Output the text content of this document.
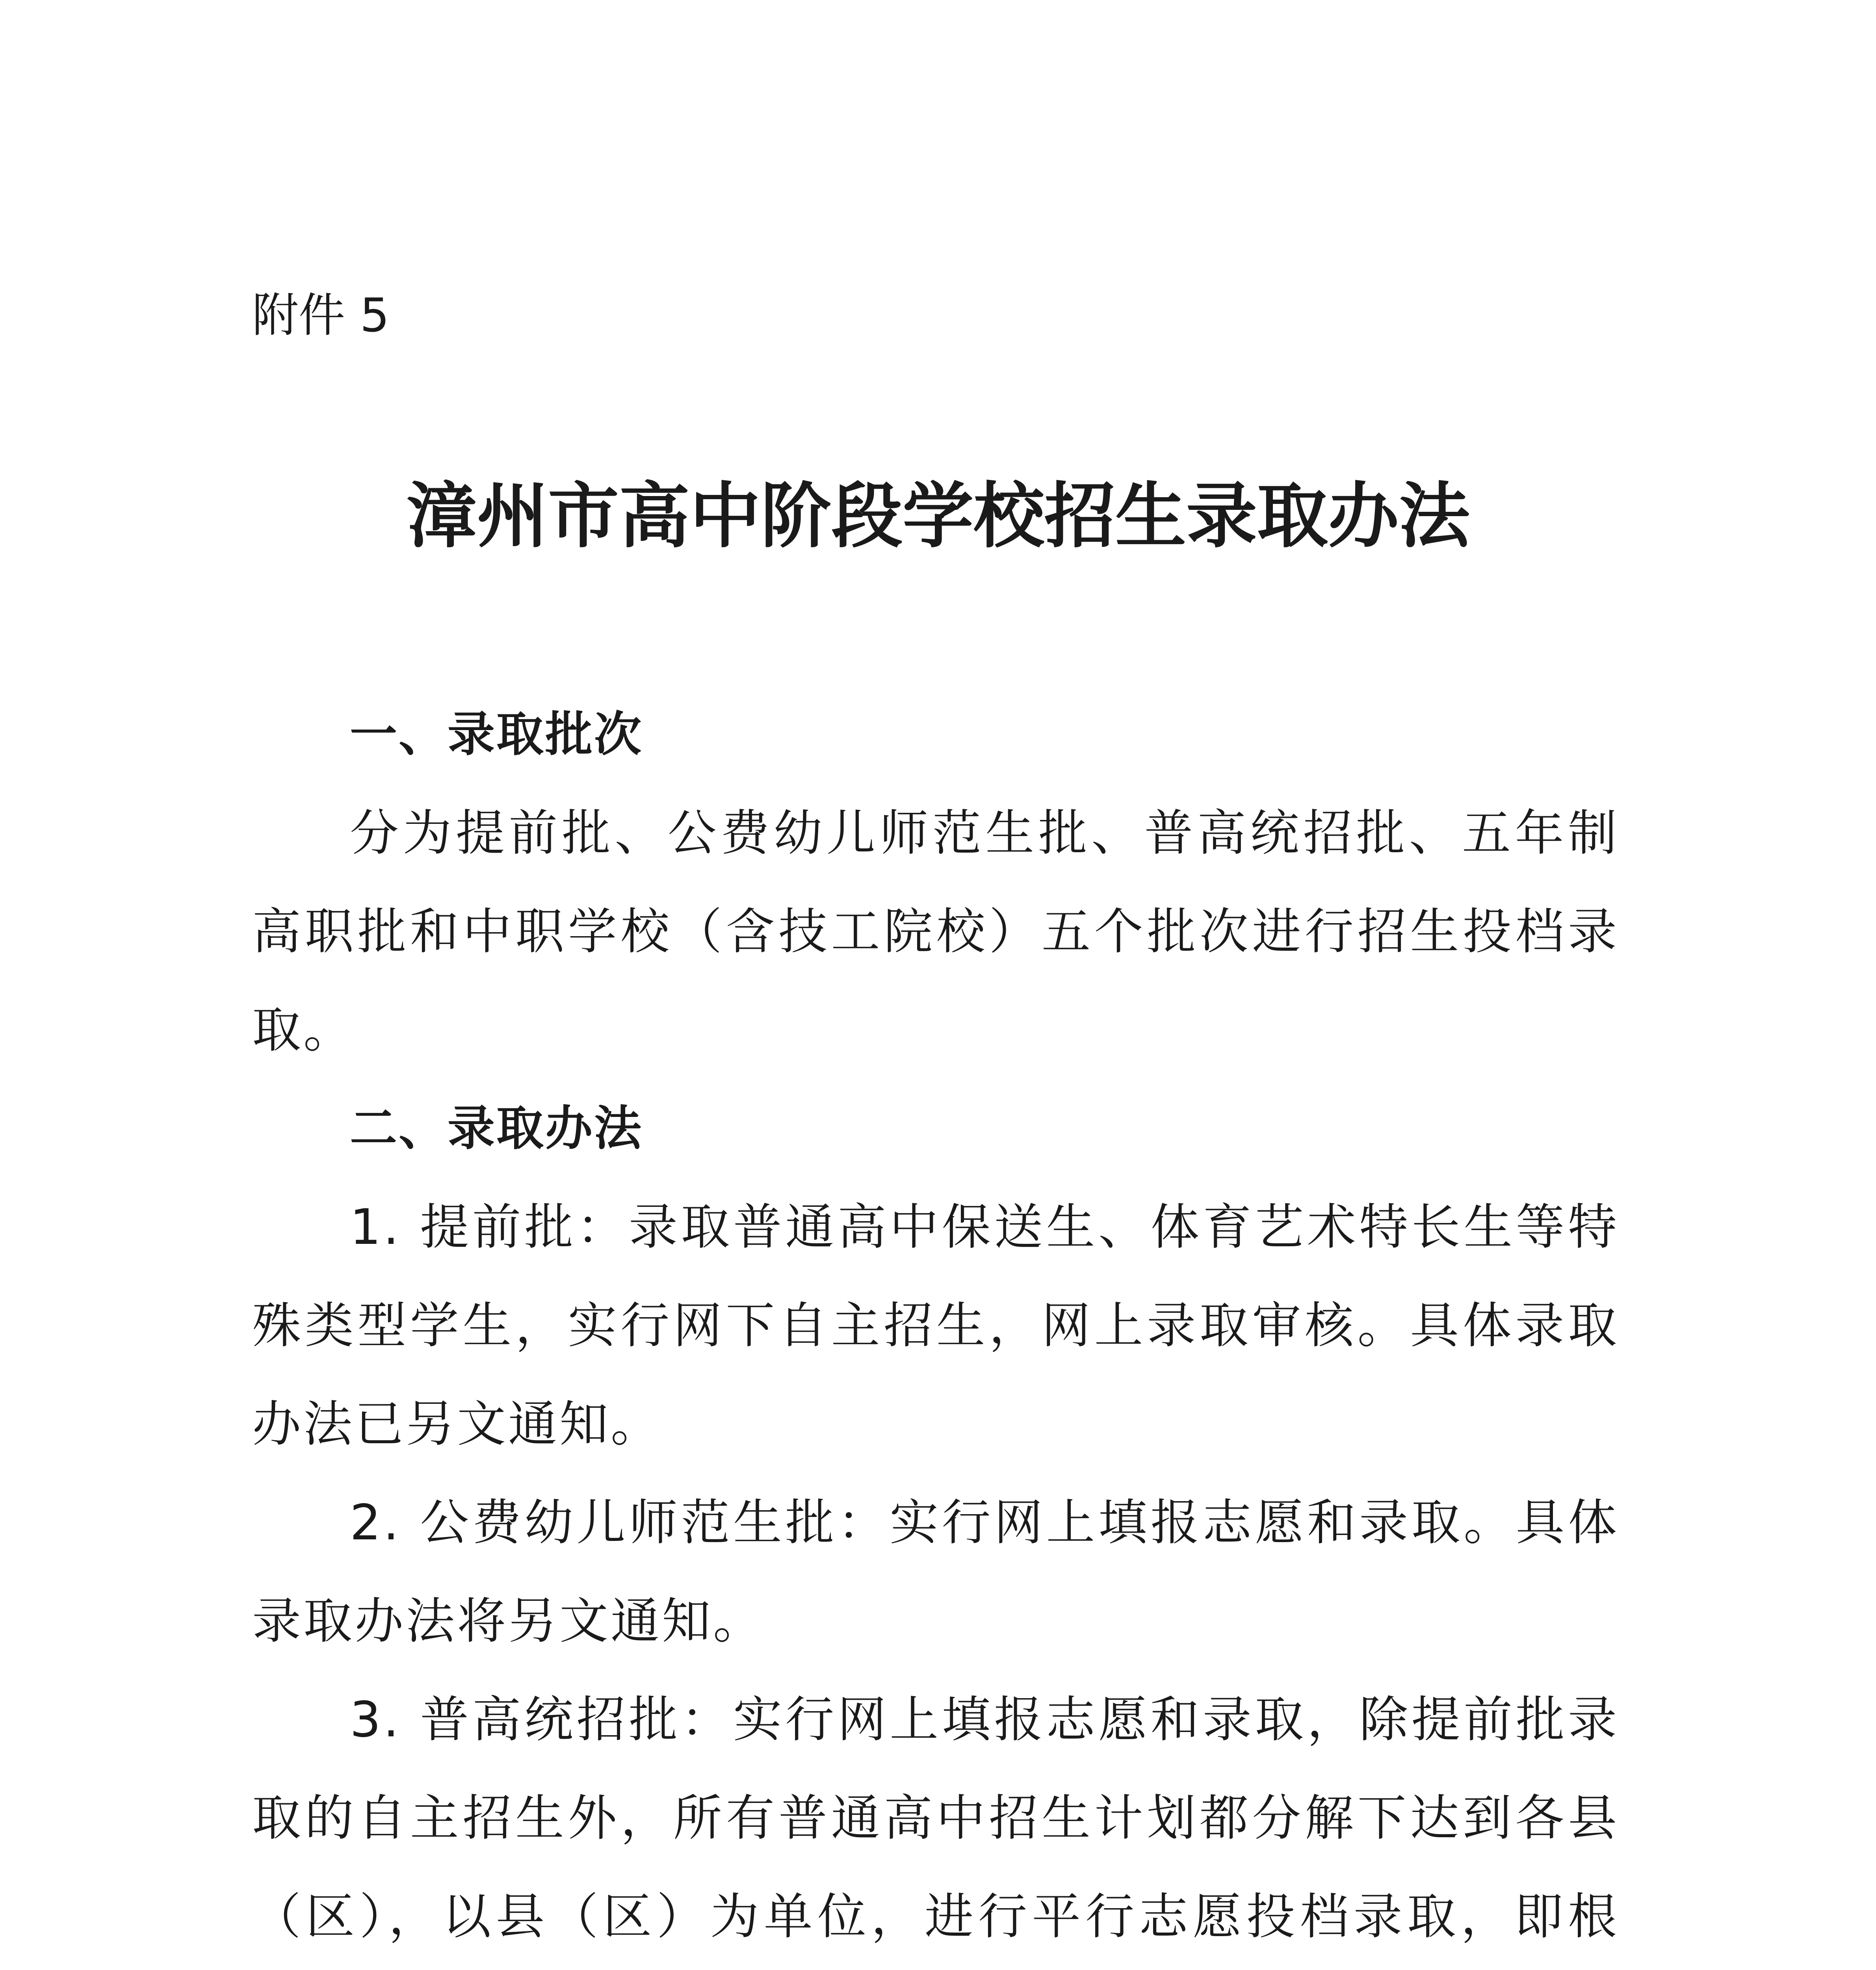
附件 5
漳州市高中阶段学校招生录取办法
一、录取批次

分为提前批、公费幼儿师范生批、普高统招批、五年制高职批和中职学校（含技工院校）五个批次进行招生投档录取。

二、录取办法

1. 提前批：录取普通高中保送生、体育艺术特长生等特殊类型学生，实行网下自主招生，网上录取审核。具体录取办法已另文通知。

2. 公费幼儿师范生批：实行网上填报志愿和录取。具体录取办法将另文通知。

3. 普高统招批：实行网上填报志愿和录取，除提前批录取的自主招生外，所有普通高中招生计划都分解下达到各县（区），以县（区）为单位，进行平行志愿投档录取，即根
